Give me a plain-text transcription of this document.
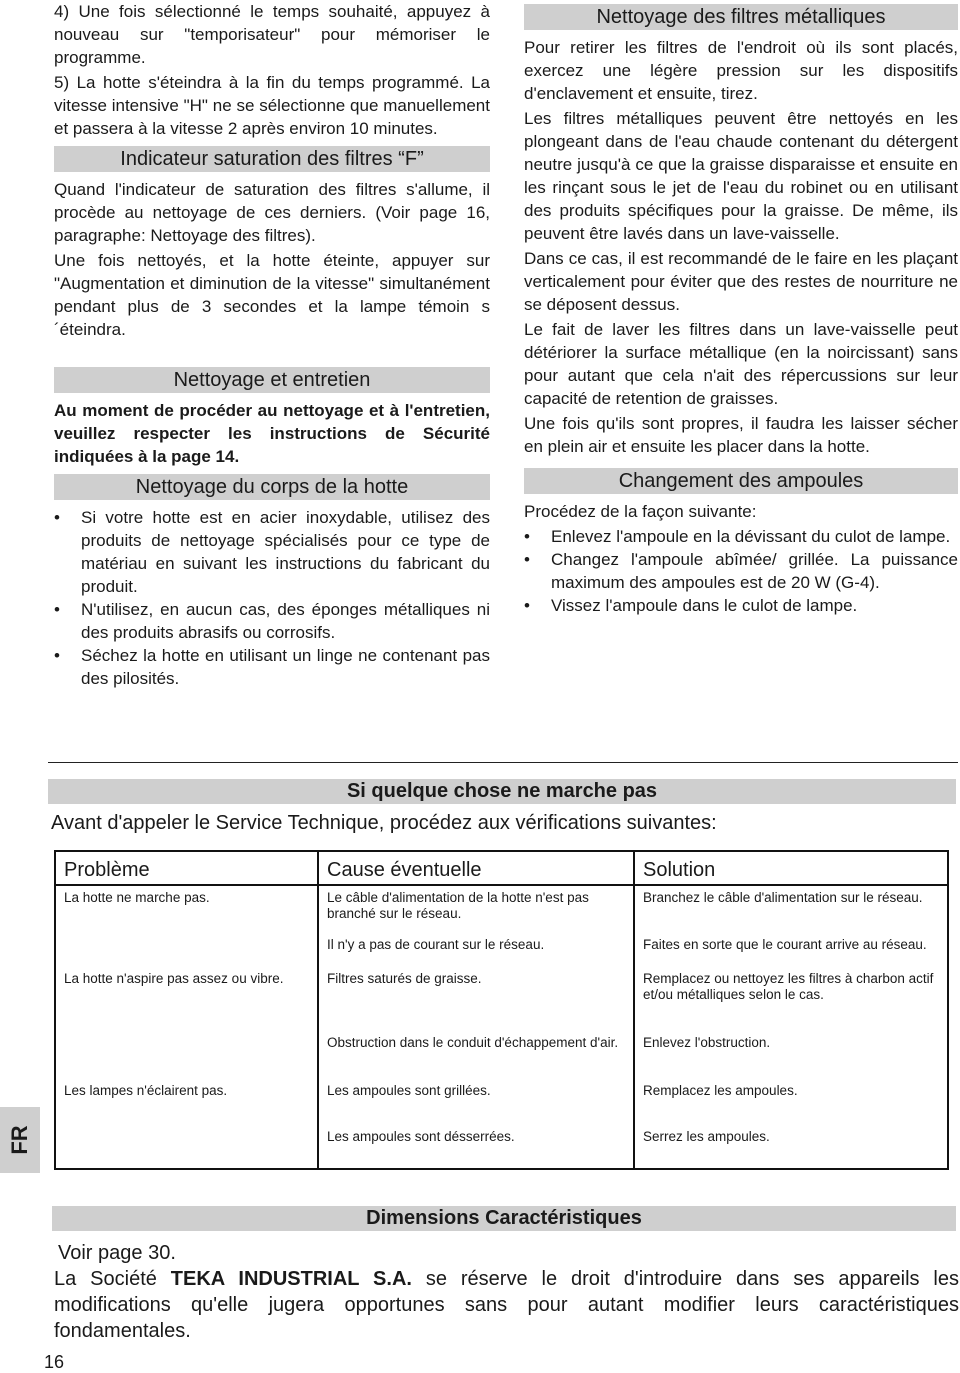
4) Une fois sélectionné le temps souhaité, appuyez à nouveau sur "temporisateur" pour mémoriser le programme.

5) La hotte s'éteindra à la fin du temps programmé. La vitesse intensive "H" ne se sélectionne que manuellement et passera à la vitesse 2 après environ 10 minutes.

Indicateur saturation des filtres “F”

Quand l'indicateur de saturation des filtres s'allume, il procède au nettoyage de ces derniers. (Voir page 16, paragraphe: Nettoyage des filtres).

Une fois nettoyés, et la hotte éteinte, appuyer sur "Augmentation et diminution de la vitesse" simultanément pendant plus de 3 secondes et la lampe témoin s´éteindra.

Nettoyage et entretien

Au moment de procéder au nettoyage et à l'entretien, veuillez respecter les instructions de Sécurité indiquées à la page 14.

Nettoyage du corps de la hotte
• Si votre hotte est en acier inoxydable, utilisez des produits de nettoyage spécialisés pour ce type de matériau en suivant les instructions du fabricant du produit.
• N'utilisez, en aucun cas, des éponges métalliques ni des produits abrasifs ou corrosifs.
• Séchez la hotte en utilisant un linge ne contenant pas des pilosités.
Nettoyage des filtres métalliques

Pour retirer les filtres de l'endroit où ils sont placés, exercez une légère pression sur les dispositifs d'enclavement et ensuite, tirez.

Les filtres métalliques peuvent être nettoyés en les plongeant dans de l'eau chaude contenant du détergent neutre jusqu'à ce que la graisse disparaisse et ensuite en les rinçant sous le jet de l'eau du robinet ou en utilisant des produits spécifiques pour la graisse. De même, ils peuvent être lavés dans un lave-vaisselle.

Dans ce cas, il est recommandé de le faire en les plaçant verticalement pour éviter que des restes de nourriture ne se déposent dessus.

Le fait de laver les filtres dans un lave-vaisselle peut détériorer la surface métallique (en la noircissant) sans pour autant que cela n'ait des répercussions sur leur capacité de retention de graisses.

Une fois qu'ils sont propres, il faudra les laisser sécher en plein air et ensuite les placer dans la hotte.

Changement des ampoules

Procédez de la façon suivante:

• Enlevez l'ampoule en la dévissant du culot de lampe.
• Changez l'ampoule abîmée/ grillée. La puissance maximum des ampoules est de 20 W (G-4).
• Vissez l'ampoule dans le culot de lampe.
Si quelque chose ne marche pas
Avant d'appeler le Service Technique, procédez aux vérifications suivantes:
Problème	Cause éventuelle	Solution
La hotte ne marche pas.	Le câble d'alimentation de la hotte n'est pas branché sur le réseau.	Branchez le câble d'alimentation sur le réseau.
	Il n'y a pas de courant sur le réseau.	Faites en sorte que le courant arrive au réseau.
La hotte n'aspire pas assez ou vibre.	Filtres saturés de graisse.	Remplacez ou nettoyez les filtres à charbon actif et/ou métalliques selon le cas.
	Obstruction dans le conduit d'échappement d'air.	Enlevez l'obstruction.
Les lampes n'éclairent pas.	Les ampoules sont grillées.	Remplacez les ampoules.
	Les ampoules sont désserrées.	Serrez les ampoules.
FR
Dimensions Caractéristiques

Voir page 30.

La Société TEKA INDUSTRIAL S.A. se réserve le droit d'introduire dans ses appareils les modifications qu'elle jugera opportunes sans pour autant modifier leurs caractéristiques fondamentales.

16
